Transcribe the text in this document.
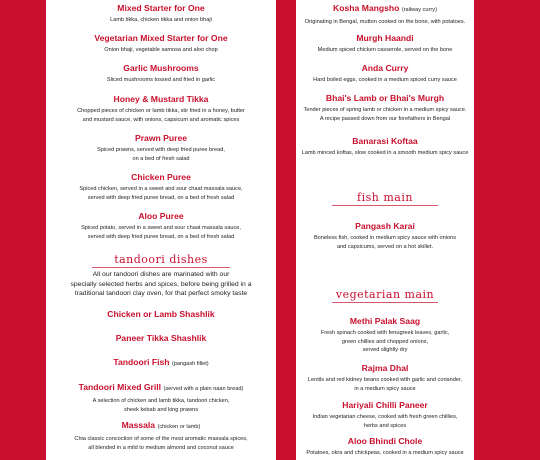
Mixed Starter for One
Lamb tikka, chicken tikka and onion bhaji
Vegetarian Mixed Starter for One
Onion bhaji, vegetable samosa and aloo chop
Garlic Mushrooms
Sliced mushrooms tossed and fried in garlic
Honey & Mustard Tikka
Chopped pieces of chicken or lamb tikka, stir fried in a honey, butter
and mustard sauce, with onions, capsicum and aromatic spices
Prawn Puree
Spiced prawns, served with deep fried puree bread,
on a bed of fresh salad
Chicken Puree
Spiced chicken, served in a sweet and sour chaat massala sauce,
served with deep fried puree bread, on a bed of fresh salad
Aloo Puree
Spiced potato, served in a sweet and sour chaat massala sauce,
served with deep fried puree bread, on a bed of fresh salad
tandoori dishes
All our tandoori dishes are marinated with our
specially selected herbs and spices, before being grilled in a
traditional tandoori clay oven, for that perfect smoky taste
Chicken or Lamb Shashlik
Paneer Tikka Shashlik
Tandoori Fish (pangash fillet)
Tandoori Mixed Grill (served with a plain naan bread)
A selection of chicken and lamb tikka, tandoori chicken,
sheek kebab and king prawns
Massala (chicken or lamb)
Chia classic concoction of some of the most aromatic massala spices,
all blended in a mild to medium almond and coconut sauce
Kosha Mangsho (railway curry)
Originating in Bengal, mutton cooked on the bone, with potatoes.
Murgh Haandi
Medium spiced chicken casserole, served on the bone
Anda Curry
Hard boiled eggs, cooked in a medium spiced curry sauce
Bhai's Lamb or Bhai's Murgh
Tender pieces of spring lamb or chicken in a medium spicy sauce.
A recipe passed down from our forefathers in Bengal
Banarasi Koftaa
Lamb minced koftas, slow cooked in a smooth medium spicy sauce
fish main
Pangash Karai
Boneless fish, cooked in medium spicy sauce with onions
and capsicums, served on a hot skillet.
vegetarian main
Methi Palak Saag
Fresh spinach cooked with fenugreek leaves, garlic,
green chillies and chopped onions,
served slightly dry
Rajma Dhal
Lentils and red kidney beans cooked with garlic and coriander,
in a medium spicy sauce
Hariyali Chilli Paneer
Indian vegetarian cheese, cooked with fresh green chillies,
herbs and spices
Aloo Bhindi Chole
Potatoes, okra and chickpeas, cooked in a medium spicy sauce
